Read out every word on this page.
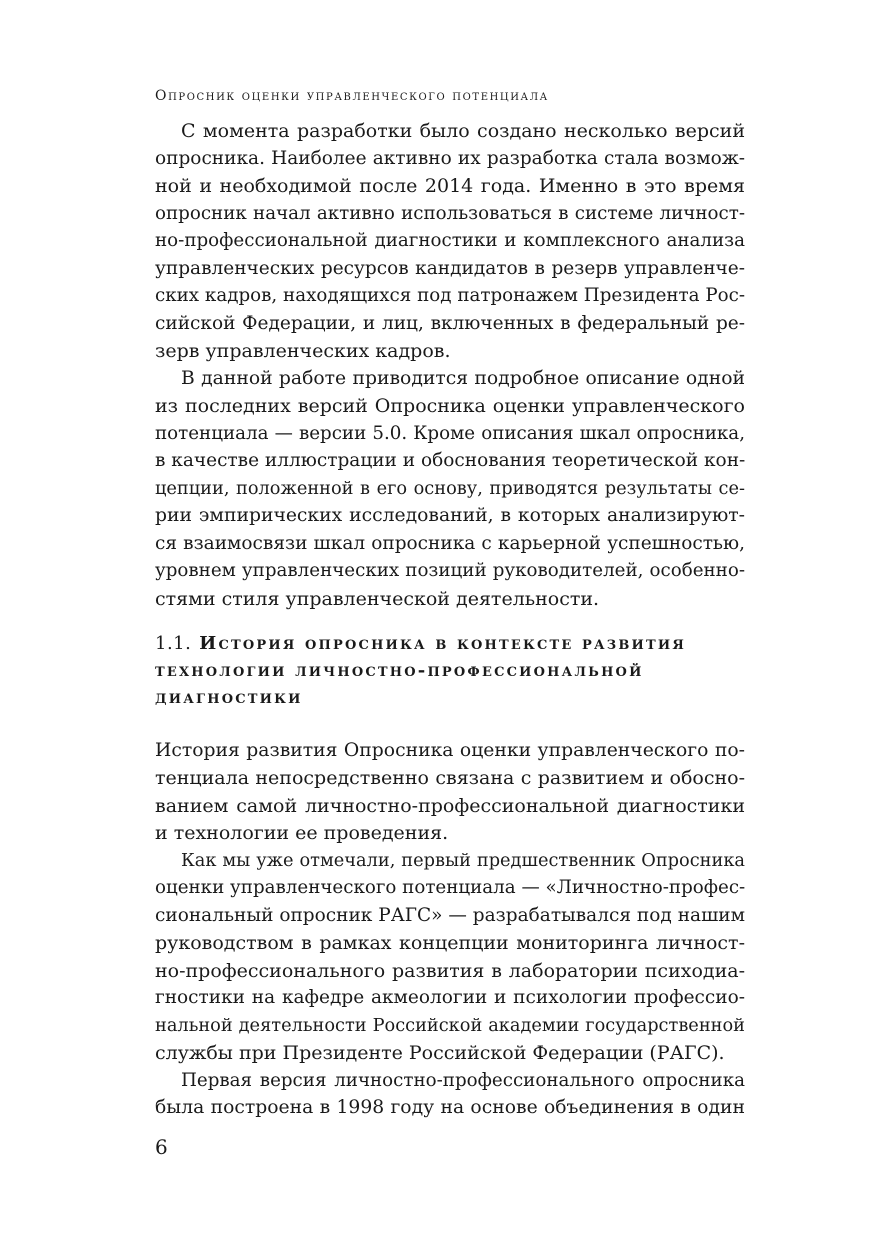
Опросник оценки управленческого потенциала
С момента разработки было создано несколько версий
опросника. Наиболее активно их разработка стала возмож-
ной и необходимой после 2014 года. Именно в это время
опросник начал активно использоваться в системе личност-
но-профессиональной диагностики и комплексного анализа
управленческих ресурсов кандидатов в резерв управленче-
ских кадров, находящихся под патронажем Президента Рос-
сийской Федерации, и лиц, включенных в федеральный ре-
зерв управленческих кадров.
В данной работе приводится подробное описание одной
из последних версий Опросника оценки управленческого
потенциала — версии 5.0. Кроме описания шкал опросника,
в качестве иллюстрации и обоснования теоретической кон-
цепции, положенной в его основу, приводятся результаты се-
рии эмпирических исследований, в которых анализируют-
ся взаимосвязи шкал опросника с карьерной успешностью,
уровнем управленческих позиций руководителей, особенно-
стями стиля управленческой деятельности.
1.1. История опросника в контексте развития
технологии личностно-профессиональной
диагностики
История развития Опросника оценки управленческого по-
тенциала непосредственно связана с развитием и обосно-
ванием самой личностно-профессиональной диагностики
и технологии ее проведения.
Как мы уже отмечали, первый предшественник Опросника
оценки управленческого потенциала — «Личностно-профес-
сиональный опросник РАГС» — разрабатывался под нашим
руководством в рамках концепции мониторинга личност-
но-профессионального развития в лаборатории психодиа-
гностики на кафедре акмеологии и психологии профессио-
нальной деятельности Российской академии государственной
службы при Президенте Российской Федерации (РАГС).
Первая версия личностно-профессионального опросника
была построена в 1998 году на основе объединения в один
6
